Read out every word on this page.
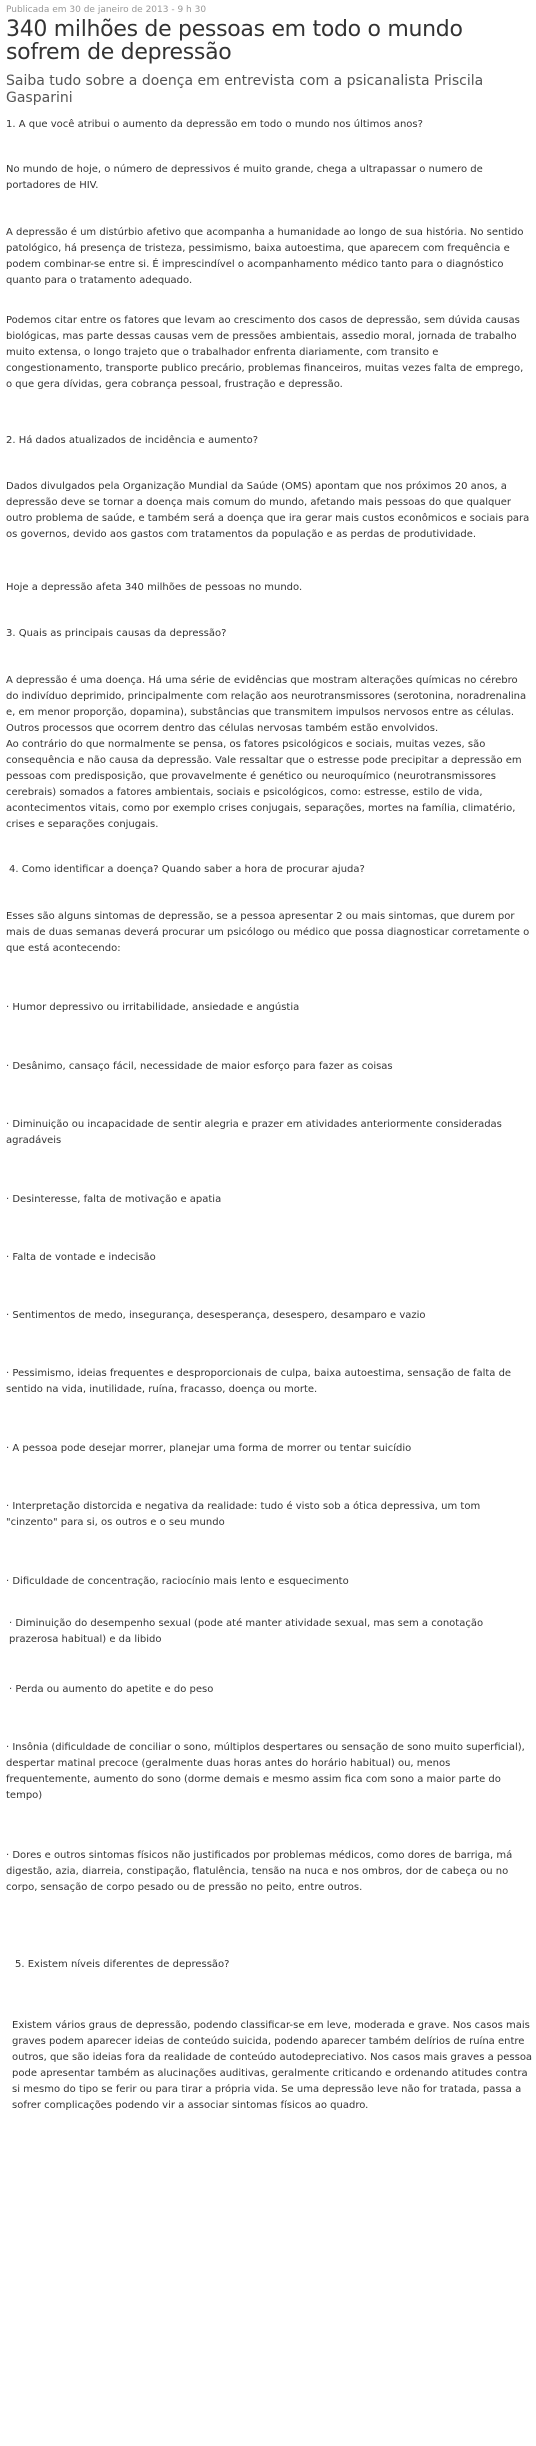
Publicada em 30 de janeiro de 2013 - 9 h 30

340 milhões de pessoas em todo o mundo sofrem de depressão
Saiba tudo sobre a doença em entrevista com a psicanalista Priscila Gasparini

1. A que você atribui o aumento da depressão em todo o mundo nos últimos anos?

No mundo de hoje, o número de depressivos é muito grande, chega a ultrapassar o numero de portadores de HIV.

A depressão é um distúrbio afetivo que acompanha a humanidade ao longo de sua história. No sentido patológico, há presença de tristeza, pessimismo, baixa autoestima, que aparecem com frequência e podem combinar-se entre si. É imprescindível o acompanhamento médico tanto para o diagnóstico quanto para o tratamento adequado.

Podemos citar entre os fatores que levam ao crescimento dos casos de depressão, sem dúvida causas biológicas, mas parte dessas causas vem de pressões ambientais, assedio moral, jornada de trabalho muito extensa, o longo trajeto que o trabalhador enfrenta diariamente, com transito e congestionamento, transporte publico precário, problemas financeiros, muitas vezes falta de emprego, o que gera dívidas, gera cobrança pessoal, frustração e depressão.

2. Há dados atualizados de incidência e aumento?

Dados divulgados pela Organização Mundial da Saúde (OMS) apontam que nos próximos 20 anos, a depressão deve se tornar a doença mais comum do mundo, afetando mais pessoas do que qualquer outro problema de saúde, e também será a doença que ira gerar mais custos econômicos e sociais para os governos, devido aos gastos com tratamentos da população e as perdas de produtividade.

Hoje a depressão afeta 340 milhões de pessoas no mundo.

3. Quais as principais causas da depressão?

A depressão é uma doença. Há uma série de evidências que mostram alterações químicas no cérebro do indivíduo deprimido, principalmente com relação aos neurotransmissores (serotonina, noradrenalina e, em menor proporção, dopamina), substâncias que transmitem impulsos nervosos entre as células. Outros processos que ocorrem dentro das células nervosas também estão envolvidos.
Ao contrário do que normalmente se pensa, os fatores psicológicos e sociais, muitas vezes, são consequência e não causa da depressão. Vale ressaltar que o estresse pode precipitar a depressão em pessoas com predisposição, que provavelmente é genético ou neuroquímico (neurotransmissores cerebrais) somados a fatores ambientais, sociais e psicológicos, como: estresse, estilo de vida, acontecimentos vitais, como por exemplo crises conjugais, separações, mortes na família, climatério, crises e separações conjugais.

4. Como identificar a doença? Quando saber a hora de procurar ajuda?

Esses são alguns sintomas de depressão, se a pessoa apresentar 2 ou mais sintomas, que durem por mais de duas semanas deverá procurar um psicólogo ou médico que possa diagnosticar corretamente o que está acontecendo:

· Humor depressivo ou irritabilidade, ansiedade e angústia

· Desânimo, cansaço fácil, necessidade de maior esforço para fazer as coisas

· Diminuição ou incapacidade de sentir alegria e prazer em atividades anteriormente consideradas agradáveis

· Desinteresse, falta de motivação e apatia

· Falta de vontade e indecisão

· Sentimentos de medo, insegurança, desesperança, desespero, desamparo e vazio

· Pessimismo, ideias frequentes e desproporcionais de culpa, baixa autoestima, sensação de falta de sentido na vida, inutilidade, ruína, fracasso, doença ou morte.

· A pessoa pode desejar morrer, planejar uma forma de morrer ou tentar suicídio

· Interpretação distorcida e negativa da realidade: tudo é visto sob a ótica depressiva, um tom "cinzento" para si, os outros e o seu mundo

· Dificuldade de concentração, raciocínio mais lento e esquecimento

· Diminuição do desempenho sexual (pode até manter atividade sexual, mas sem a conotação prazerosa habitual) e da libido

· Perda ou aumento do apetite e do peso

· Insônia (dificuldade de conciliar o sono, múltiplos despertares ou sensação de sono muito superficial), despertar matinal precoce (geralmente duas horas antes do horário habitual) ou, menos frequentemente, aumento do sono (dorme demais e mesmo assim fica com sono a maior parte do tempo)

· Dores e outros sintomas físicos não justificados por problemas médicos, como dores de barriga, má digestão, azia, diarreia, constipação, flatulência, tensão na nuca e nos ombros, dor de cabeça ou no corpo, sensação de corpo pesado ou de pressão no peito, entre outros.

5. Existem níveis diferentes de depressão?

Existem vários graus de depressão, podendo classificar-se em leve, moderada e grave. Nos casos mais graves podem aparecer ideias de conteúdo suicida, podendo aparecer também delírios de ruína entre outros, que são ideias fora da realidade de conteúdo autodepreciativo. Nos casos mais graves a pessoa pode apresentar também as alucinações auditivas, geralmente criticando e ordenando atitudes contra si mesmo do tipo se ferir ou para tirar a própria vida. Se uma depressão leve não for tratada, passa a sofrer complicações podendo vir a associar sintomas físicos ao quadro.
